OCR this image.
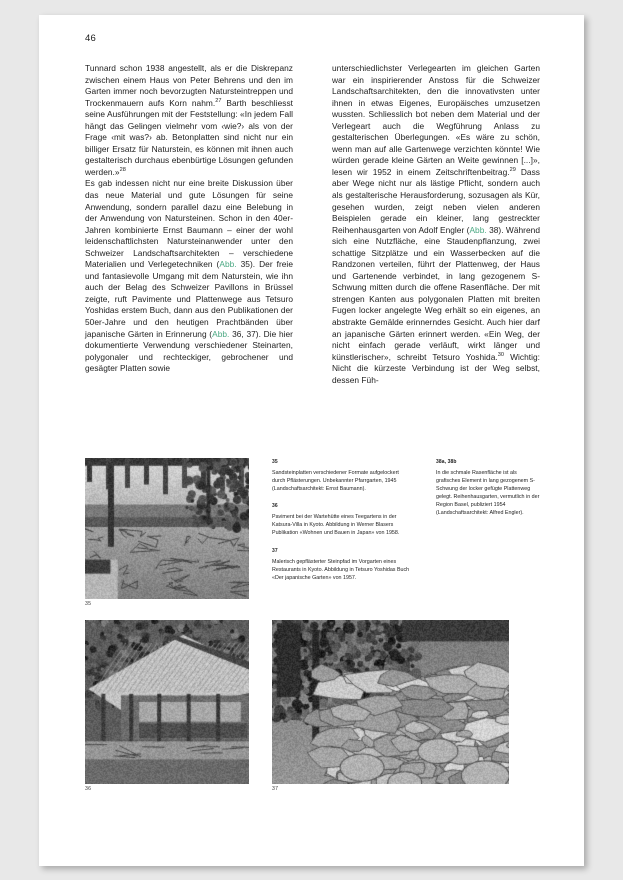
46

Tunnard schon 1938 angestellt, als er die Diskrepanz zwischen einem Haus von Peter Behrens und den im Garten immer noch bevorzugten Natursteintreppen und Trockenmauern aufs Korn nahm.$^{27}$ Barth beschliesst seine Ausführungen mit der Feststellung: «In jedem Fall hängt das Gelingen vielmehr vom ‹wie?› als von der Frage ‹mit was?› ab. Betonplatten sind nicht nur ein billiger Ersatz für Naturstein, es können mit ihnen auch gestalterisch durchaus ebenbürtige Lösungen gefunden werden.»$^{28}$

Es gab indessen nicht nur eine breite Diskussion über das neue Material und gute Lösungen für seine Anwendung, sondern parallel dazu eine Belebung in der Anwendung von Natursteinen. Schon in den 40er-Jahren kombinierte Ernst Baumann – einer der wohl leidenschaftlichsten Natursteinanwender unter den Schweizer Landschaftsarchitekten – verschiedene Materialien und Verlegetechniken (Abb. 35). Der freie und fantasievolle Umgang mit dem Naturstein, wie ihn auch der Belag des Schweizer Pavillons in Brüssel zeigte, ruft Pavimente und Plattenwege aus Tetsuro Yoshidas erstem Buch, dann aus den Publikationen der 50er-Jahre und den heutigen Prachtbänden über japanische Gärten in Erinnerung (Abb. 36, 37). Die hier dokumentierte Verwendung verschiedener Steinarten, polygonaler und rechteckiger, gebrochener und gesägter Platten sowie

unterschiedlichster Verlegearten im gleichen Garten war ein inspirierender Anstoss für die Schweizer Landschaftsarchitekten, den die innovativsten unter ihnen in etwas Eigenes, Europäisches umzusetzen wussten. Schliesslich bot neben dem Material und der Verlegeart auch die Wegführung Anlass zu gestalterischen Überlegungen. «Es wäre zu schön, wenn man auf alle Gartenwege verzichten könnte! Wie würden gerade kleine Gärten an Weite gewinnen [...]», lesen wir 1952 in einem Zeitschriftenbeitrag.$^{29}$ Dass aber Wege nicht nur als lästige Pflicht, sondern auch als gestalterische Herausforderung, sozusagen als Kür, gesehen wurden, zeigt neben vielen anderen Beispielen gerade ein kleiner, lang gestreckter Reihenhausgarten von Adolf Engler (Abb. 38). Während sich eine Nutzfläche, eine Staudenpflanzung, zwei schattige Sitzplätze und ein Wasserbecken auf die Randzonen verteilen, führt der Plattenweg, der Haus und Gartenende verbindet, in lang gezogenem S-Schwung mitten durch die offene Rasenfläche. Der mit strengen Kanten aus polygonalen Platten mit breiten Fugen locker angelegte Weg erhält so ein eigenes, an abstrakte Gemälde erinnerndes Gesicht. Auch hier darf an japanische Gärten erinnert werden. «Ein Weg, der nicht einfach gerade verläuft, wirkt länger und künstlerischer», schreibt Tetsuro Yoshida.$^{30}$ Wichtig: Nicht die kürzeste Verbindung ist der Weg selbst, dessen Füh-

35
35

Sandsteinplatten verschiedener Formate aufgelockert durch Pflästerungen. Unbekannter Pfarrgarten, 1945 (Landschaftsarchitekt: Ernst Baumann).

36

Paviment bei der Wartehütte eines Teegartens in der Katsura-Villa in Kyoto. Abbildung in Werner Blasers Publikation «Wohnen und Bauen in Japan» von 1958.

37

Malerisch gepflästerter Steinpfad im Vorgarten eines Restaurants in Kyoto. Abbildung in Tetsuro Yoshidas Buch «Der japanische Garten» von 1957.

38a, 38b

In die schmale Rasenfläche ist als grafisches Element in lang gezogenem S-Schwung der locker gefügte Plattenweg gelegt. Reihenhausgarten, vermutlich in der Region Basel, publiziert 1954 (Landschaftsarchitekt: Alfred Engler).

36	37
